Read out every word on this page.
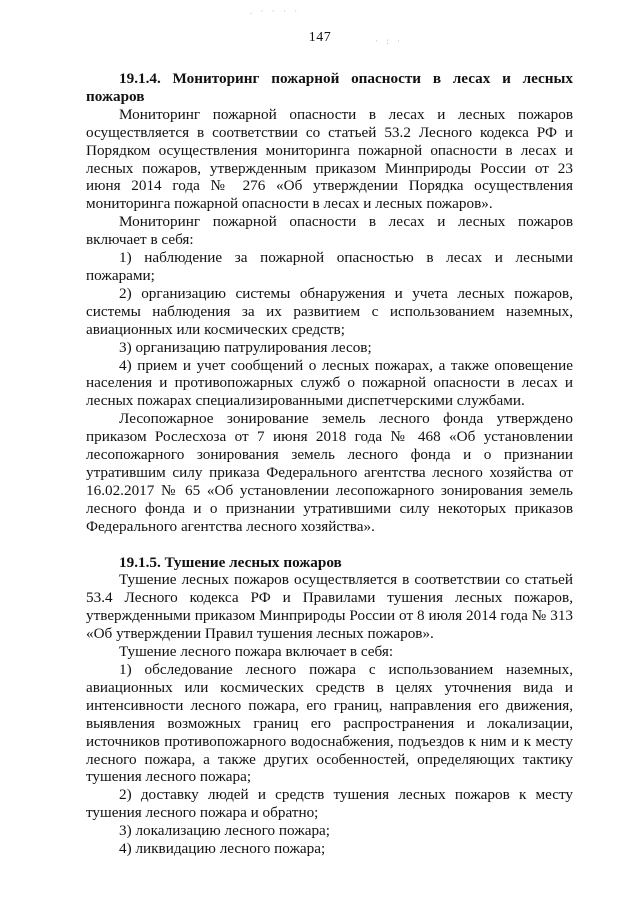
. · · · ·
· : ·
147

19.1.4. Мониторинг пожарной опасности в лесах и лесных пожаров

Мониторинг пожарной опасности в лесах и лесных пожаров осуществляется в соответствии со статьей 53.2 Лесного кодекса РФ и Порядком осуществления мониторинга пожарной опасности в лесах и лесных пожаров, утвержденным приказом Минприроды России от 23 июня 2014 года № 276 «Об утверждении Порядка осуществления мониторинга пожарной опасности в лесах и лесных пожаров».

Мониторинг пожарной опасности в лесах и лесных пожаров включает в себя:

1) наблюдение за пожарной опасностью в лесах и лесными пожарами;

2) организацию системы обнаружения и учета лесных пожаров, системы наблюдения за их развитием с использованием наземных, авиационных или космических средств;

3) организацию патрулирования лесов;

4) прием и учет сообщений о лесных пожарах, а также оповещение населения и противопожарных служб о пожарной опасности в лесах и лесных пожарах специализированными диспетчерскими службами.

Лесопожарное зонирование земель лесного фонда утверждено приказом Рослесхоза от 7 июня 2018 года № 468 «Об установлении лесопожарного зонирования земель лесного фонда и о признании утратившим силу приказа Федерального агентства лесного хозяйства от 16.02.2017 № 65 «Об установлении лесопожарного зонирования земель лесного фонда и о признании утратившими силу некоторых приказов Федерального агентства лесного хозяйства».

19.1.5. Тушение лесных пожаров

Тушение лесных пожаров осуществляется в соответствии со статьей 53.4 Лесного кодекса РФ и Правилами тушения лесных пожаров, утвержденными приказом Минприроды России от 8 июля 2014 года № 313 «Об утверждении Правил тушения лесных пожаров».

Тушение лесного пожара включает в себя:

1) обследование лесного пожара с использованием наземных, авиационных или космических средств в целях уточнения вида и интенсивности лесного пожара, его границ, направления его движения, выявления возможных границ его распространения и локализации, источников противопожарного водоснабжения, подъездов к ним и к месту лесного пожара, а также других особенностей, определяющих тактику тушения лесного пожара;

2) доставку людей и средств тушения лесных пожаров к месту тушения лесного пожара и обратно;

3) локализацию лесного пожара;

4) ликвидацию лесного пожара;
